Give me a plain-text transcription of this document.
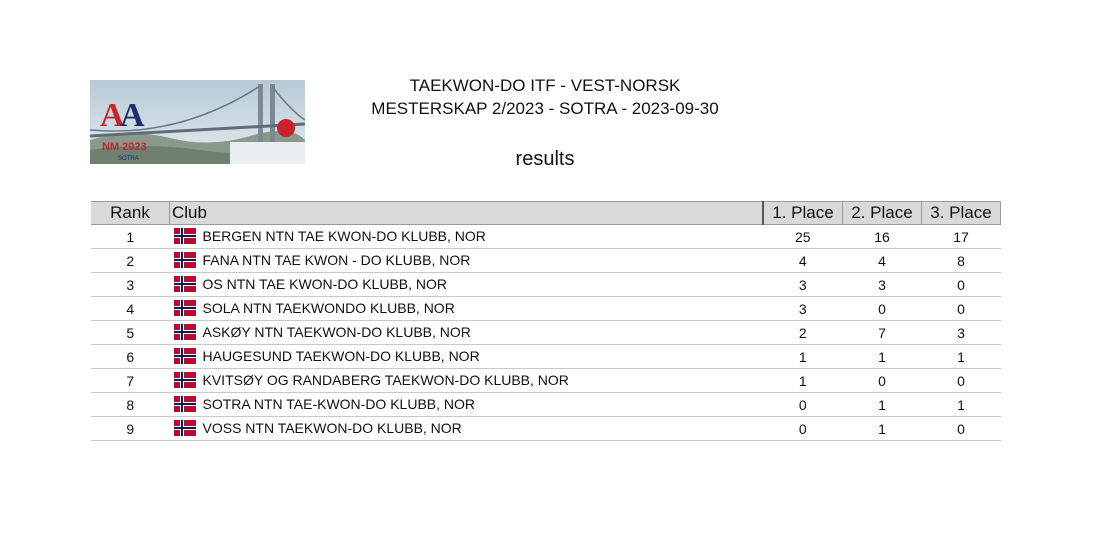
A
A
NM 2023
SOTRA
TAEKWON-DO ITF - VEST-NORSK
MESTERSKAP 2/2023 - SOTRA - 2023-09-30
results
Rank	Club	1. Place	2. Place	3. Place
1	BERGEN NTN TAE KWON-DO KLUBB, NOR	25	16	17
2	FANA NTN TAE KWON - DO KLUBB, NOR	4	4	8
3	OS NTN TAE KWON-DO KLUBB, NOR	3	3	0
4	SOLA NTN TAEKWONDO KLUBB, NOR	3	0	0
5	ASKØY NTN TAEKWON-DO KLUBB, NOR	2	7	3
6	HAUGESUND TAEKWON-DO KLUBB, NOR	1	1	1
7	KVITSØY OG RANDABERG TAEKWON-DO KLUBB, NOR	1	0	0
8	SOTRA NTN TAE-KWON-DO KLUBB, NOR	0	1	1
9	VOSS NTN TAEKWON-DO KLUBB, NOR	0	1	0
